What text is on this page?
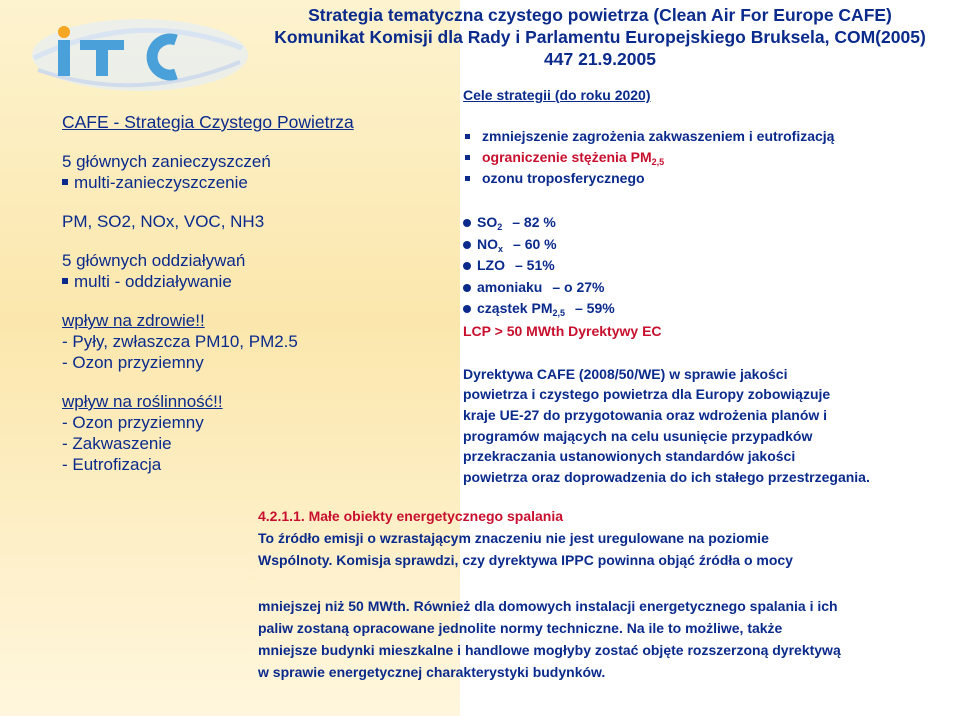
ITC	Strategia tematyczna czystego powietrza (Clean Air For Europe CAFE)
Komunikat Komisji dla Rady i Parlamentu Europejskiego Bruksela, COM(2005)
447 21.9.2005
CAFE - Strategia Czystego Powietrza
5 głównych zanieczyszczeń
multi-zanieczyszczenie
PM, SO2, NOx, VOC, NH3
5 głównych oddziaływań
multi - oddziaływanie
wpływ na zdrowie!!
- Pyły, zwłaszcza PM10, PM2.5
- Ozon przyziemny
wpływ na roślinność!!
- Ozon przyziemny
- Zakwaszenie
- Eutrofizacja
Cele strategii (do roku 2020)
zmniejszenie zagrożenia zakwaszeniem i eutrofizacją
ograniczenie stężenia $PM_{2,5}$
ozonu troposferycznego
$SO_2 - 82$ %
$NO_x - 60$ %
LZO – 51%
amoniaku – o 27%
cząstek $PM_{2,5} - 59\%$
LCP > 50 MWth Dyrektywy EC
Dyrektywa CAFE (2008/50/WE) w sprawie jakości
powietrza i czystego powietrza dla Europy zobowiązuje
kraje UE-27 do przygotowania oraz wdrożenia planów i
programów mających na celu usunięcie przypadków
przekraczania ustanowionych standardów jakości
powietrza oraz doprowadzenia do ich stałego przestrzegania.
4.2.1.1. Małe obiekty energetycznego spalania
To źródło emisji o wzrastającym znaczeniu nie jest uregulowane na poziomie
Wspólnoty. Komisja sprawdzi, czy dyrektywa IPPC powinna objąć źródła o mocy
mniejszej niż 50 MWth. Również dla domowych instalacji energetycznego spalania i ich
paliw zostaną opracowane jednolite normy techniczne. Na ile to możliwe, także
mniejsze budynki mieszkalne i handlowe mogłyby zostać objęte rozszerzoną dyrektywą
w sprawie energetycznej charakterystyki budynków.
